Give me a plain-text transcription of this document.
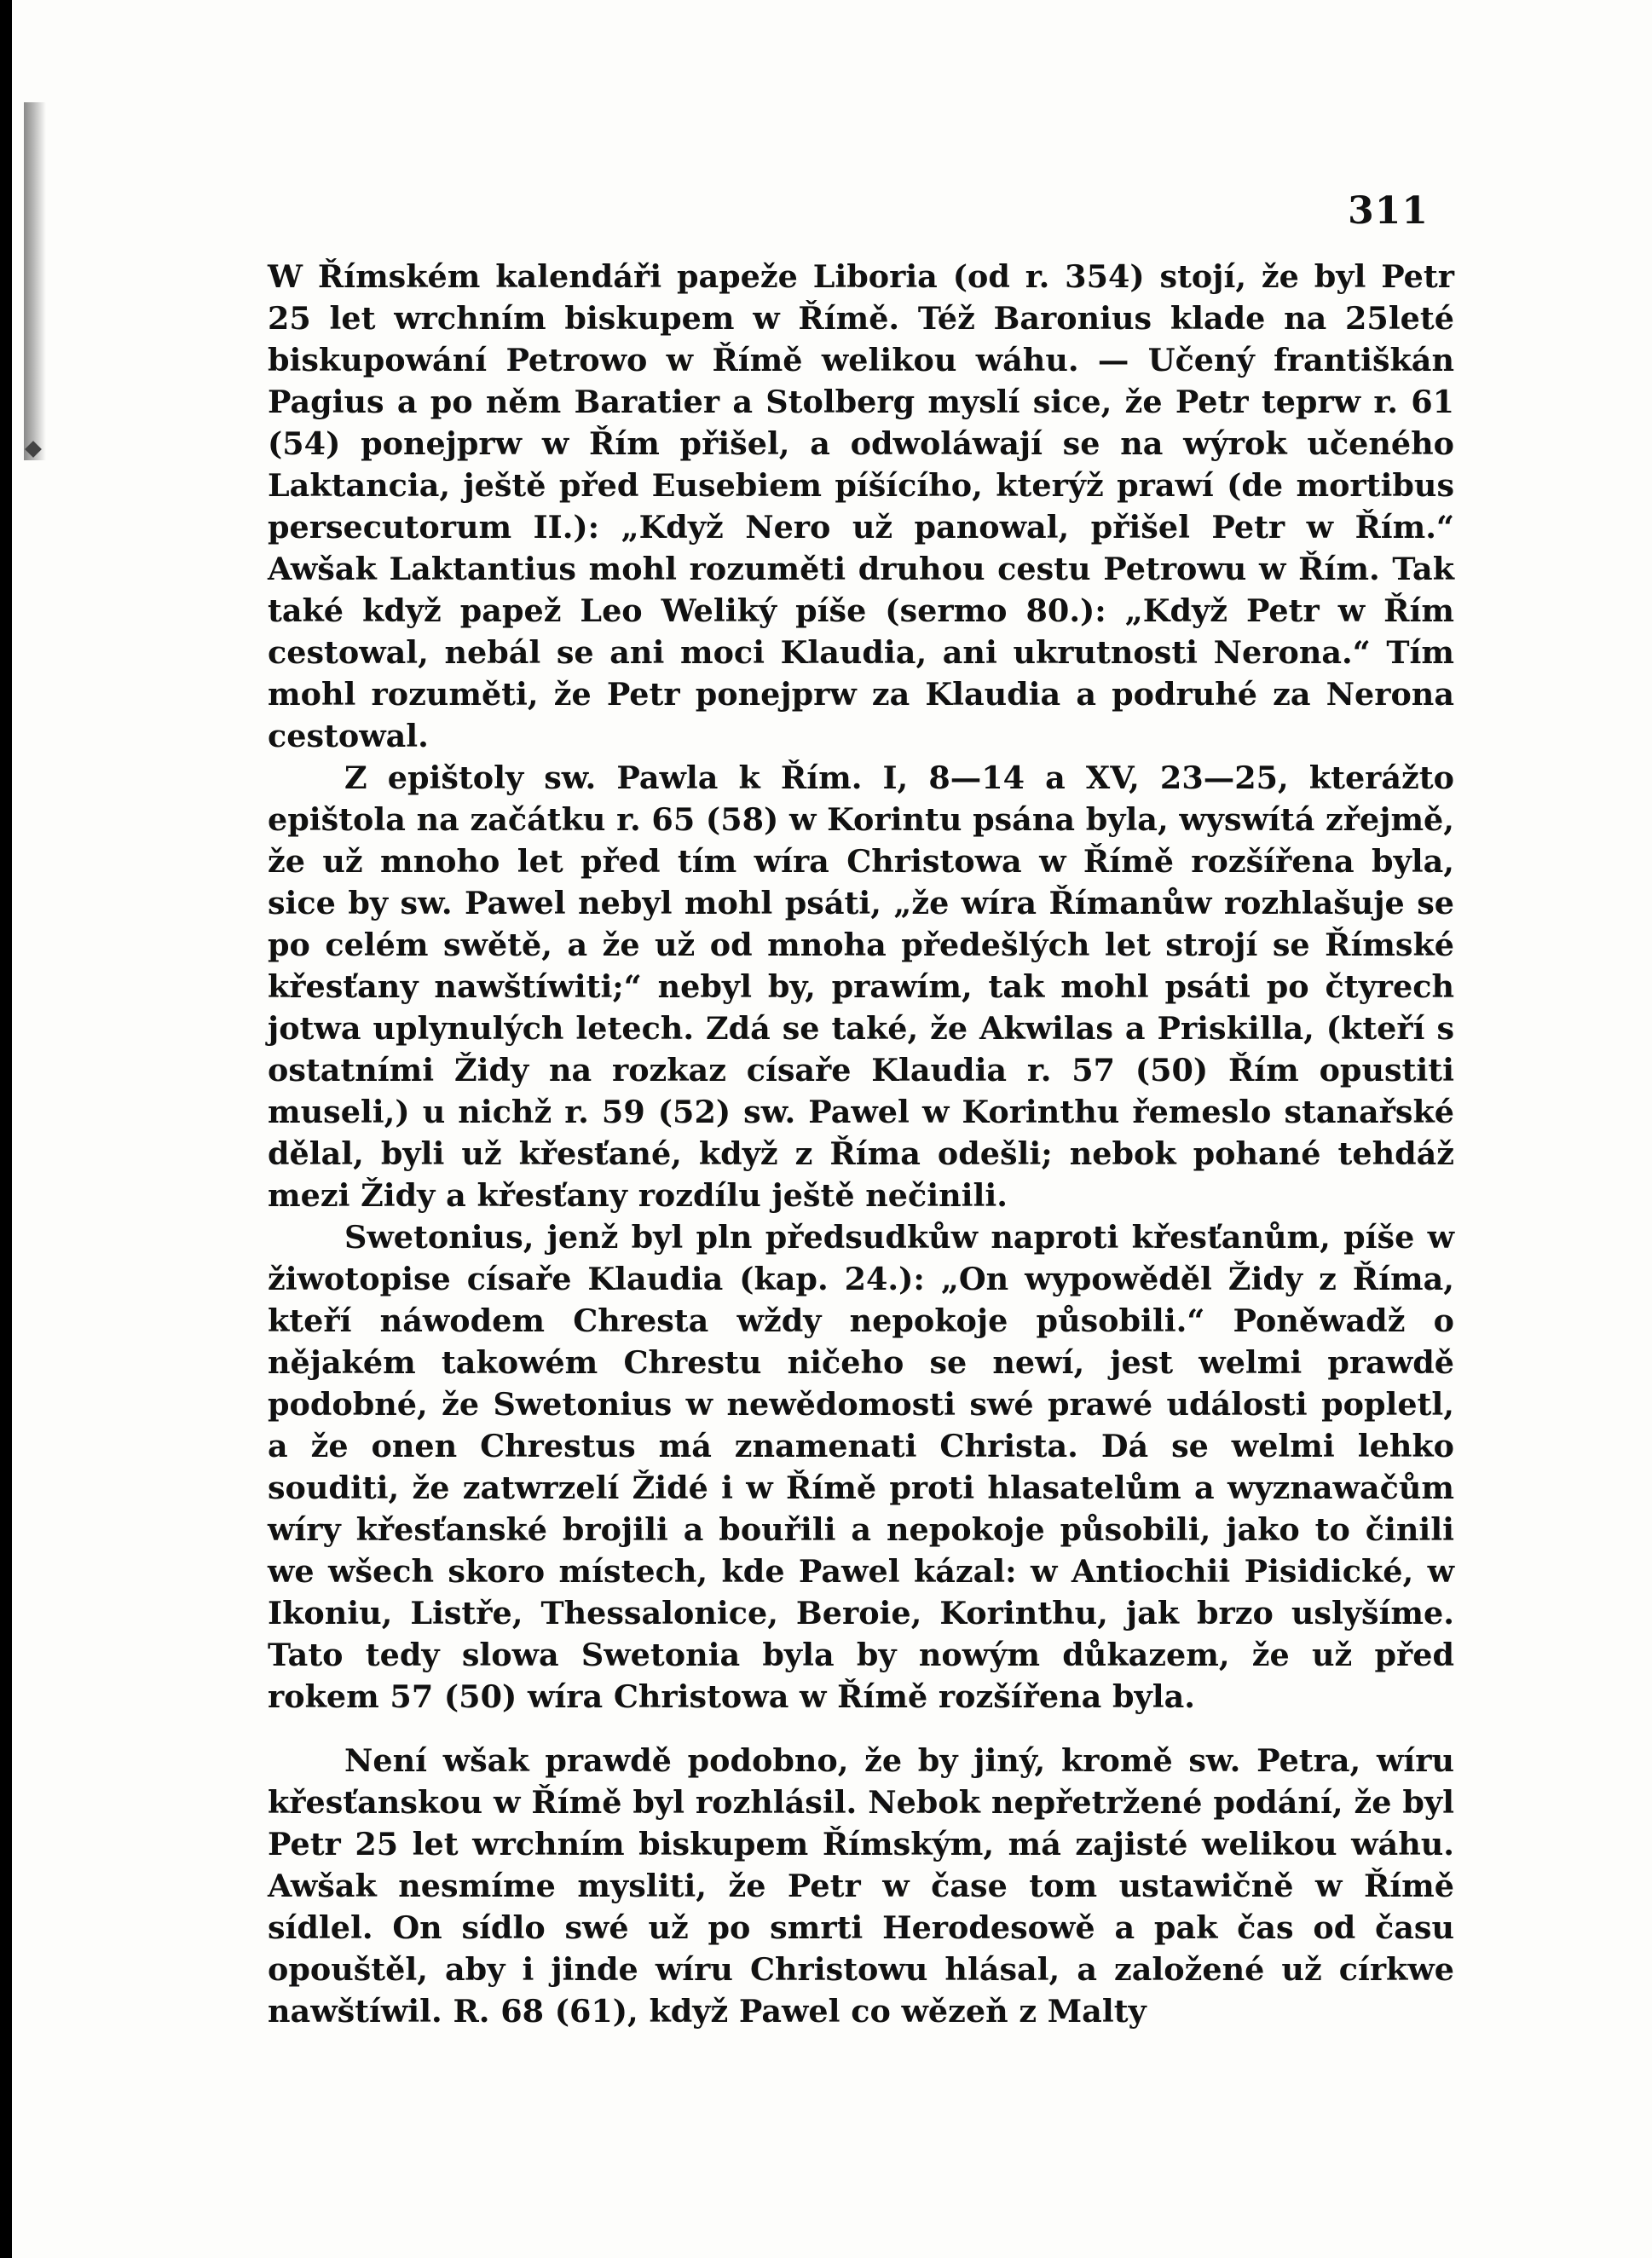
311

W Římském kalendáři papeže Liboria (od r. 354) stojí, že byl Petr 25 let wrchním biskupem w Římě. Též Baronius klade na 25leté biskupowání Petrowo w Římě welikou wáhu. — Učený františkán Pagius a po něm Baratier a Stolberg myslí sice, že Petr teprw r. 61 (54) ponejprw w Řím přišel, a odwoláwají se na wýrok učeného Laktancia, ještě před Eusebiem píšícího, kterýž prawí (de mortibus persecutorum II.): „Když Nero už panowal, přišel Petr w Řím.“ Awšak Laktantius mohl rozuměti druhou cestu Petrowu w Řím. Tak také když papež Leo Weliký píše (sermo 80.): „Když Petr w Řím cestowal, nebál se ani moci Klaudia, ani ukrutnosti Nerona.“ Tím mohl rozuměti, že Petr ponejprw za Klaudia a podruhé za Nerona cestowal.

Z epištoly sw. Pawla k Řím. I, 8—14 a XV, 23—25, kterážto epištola na začátku r. 65 (58) w Korintu psána byla, wyswítá zřejmě, že už mnoho let před tím wíra Christowa w Římě rozšířena byla, sice by sw. Pawel nebyl mohl psáti, „že wíra Římanůw rozhlašuje se po celém swětě, a že už od mnoha předešlých let strojí se Římské křesťany nawštíwiti;“ nebyl by, prawím, tak mohl psáti po čtyrech jotwa uplynulých letech. Zdá se také, že Akwilas a Priskilla, (kteří s ostatními Židy na rozkaz císaře Klaudia r. 57 (50) Řím opustiti museli,) u nichž r. 59 (52) sw. Pawel w Korinthu řemeslo stanařské dělal, byli už křesťané, když z Říma odešli; nebok pohané tehdáž mezi Židy a křesťany rozdílu ještě nečinili.

Swetonius, jenž byl pln předsudkůw naproti křesťanům, píše w žiwotopise císaře Klaudia (kap. 24.): „On wypowěděl Židy z Říma, kteří náwodem Chresta wždy nepokoje působili.“ Poněwadž o nějakém takowém Chrestu ničeho se newí, jest welmi prawdě podobné, že Swetonius w newědomosti swé prawé události popletl, a že onen Chrestus má znamenati Christa. Dá se welmi lehko souditi, že zatwrzelí Židé i w Římě proti hlasatelům a wyznawačům wíry křesťanské brojili a bouřili a nepokoje působili, jako to činili we wšech skoro místech, kde Pawel kázal: w Antiochii Pisidické, w Ikoniu, Listře, Thessalonice, Beroie, Korinthu, jak brzo uslyšíme. Tato tedy slowa Swetonia byla by nowým důkazem, že už před rokem 57 (50) wíra Christowa w Římě rozšířena byla.

Není wšak prawdě podobno, že by jiný, kromě sw. Petra, wíru křesťanskou w Římě byl rozhlásil. Nebok nepřetržené podání, že byl Petr 25 let wrchním biskupem Římským, má zajisté welikou wáhu. Awšak nesmíme mysliti, že Petr w čase tom ustawičně w Římě sídlel. On sídlo swé už po smrti Herodesowě a pak čas od času opouštěl, aby i jinde wíru Christowu hlásal, a založené už církwe nawštíwil. R. 68 (61), když Pawel co wězeň z Malty
